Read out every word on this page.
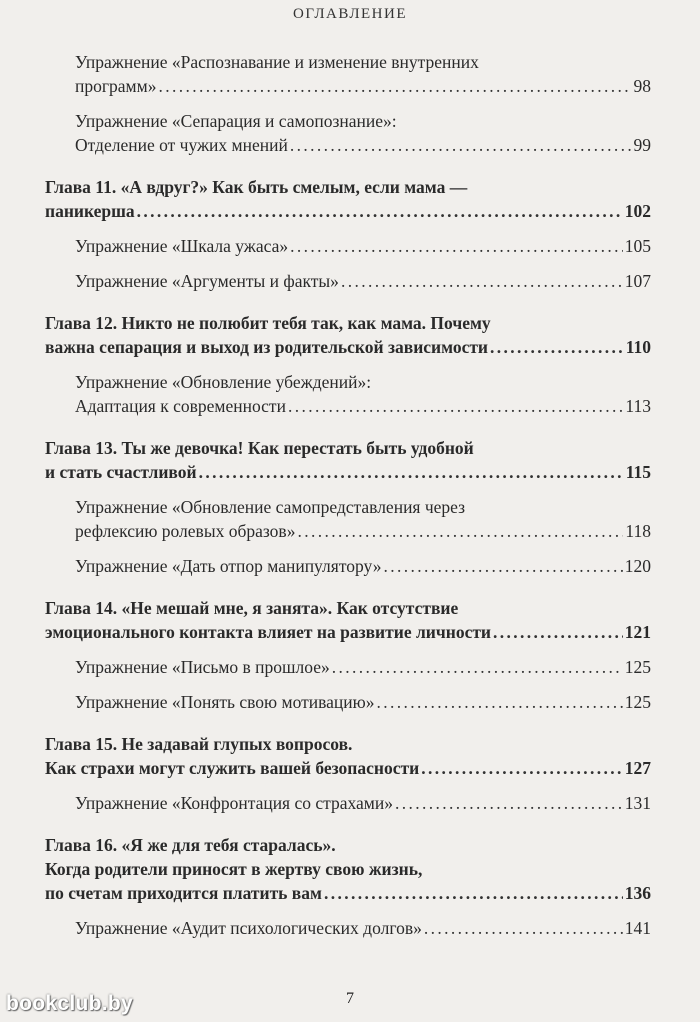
ОГЛАВЛЕНИЕ
Упражнение «Распознавание и изменение внутренних
программ» . . .	98
Упражнение «Сепарация и самопознание»:
Отделение от чужих мнений . . .	99
Глава 11. «А вдруг?» Как быть смелым, если мама —
паникерша . . .	102
Упражнение «Шкала ужаса» . . .	105
Упражнение «Аргументы и факты» . . .	107
Глава 12. Никто не полюбит тебя так, как мама. Почему
важна сепарация и выход из родительской зависимости . . .	110
Упражнение «Обновление убеждений»:
Адаптация к современности . . .	113
Глава 13. Ты же девочка! Как перестать быть удобной
и стать счастливой . . .	115
Упражнение «Обновление самопредставления через
рефлексию ролевых образов» . . .	118
Упражнение «Дать отпор манипулятору» . . .	120
Глава 14. «Не мешай мне, я занята». Как отсутствие
эмоционального контакта влияет на развитие личности . . .	121
Упражнение «Письмо в прошлое» . . .	125
Упражнение «Понять свою мотивацию» . . .	125
Глава 15. Не задавай глупых вопросов.
Как страхи могут служить вашей безопасности . . .	127
Упражнение «Конфронтация со страхами» . . .	131
Глава 16. «Я же для тебя старалась».
Когда родители приносят в жертву свою жизнь,
по счетам приходится платить вам . . .	136
Упражнение «Аудит психологических долгов» . . .	141
7
bookclub.by
